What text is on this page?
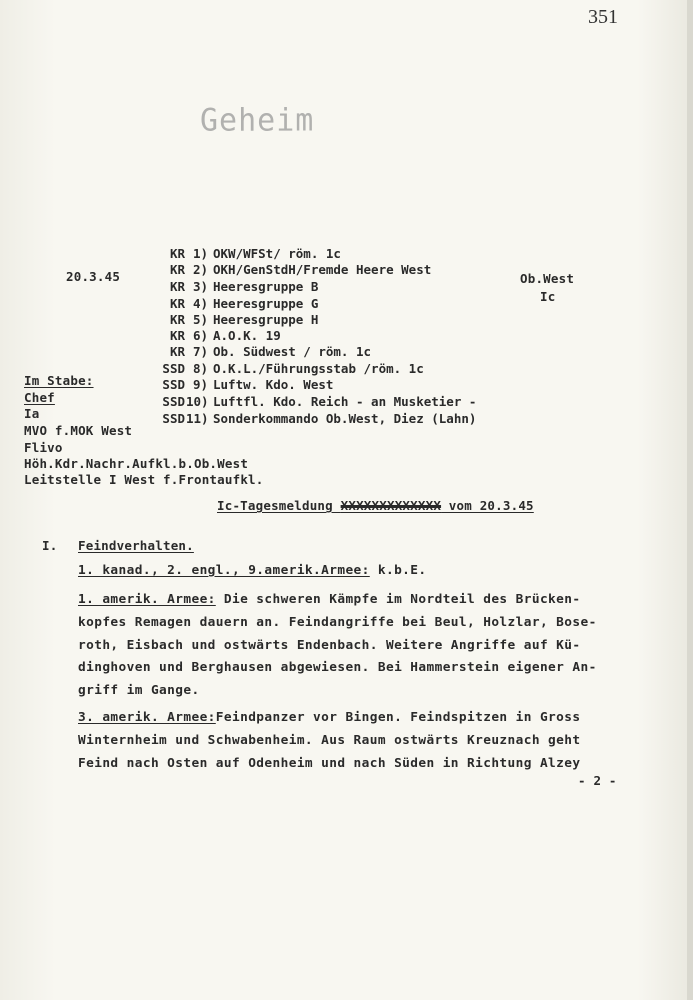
351
Geheim
20.3.45	Ob.West
Ic
KR 1) OKW/WFSt/ röm. 1c
KR 2) OKH/GenStdH/Fremde Heere West
KR 3) Heeresgruppe B
KR 4) Heeresgruppe G
KR 5) Heeresgruppe H
KR 6) A.O.K. 19
KR 7) Ob. Südwest / röm. 1c
SSD 8) O.K.L./Führungsstab /röm. 1c
SSD 9) Luftw. Kdo. West
SSD 10) Luftfl. Kdo. Reich - an Musketier -
SSD 11) Sonderkommando Ob.West, Diez (Lahn)
Im Stabe:
Chef
Ia
MVO f.MOK West
Flivo
Höh.Kdr.Nachr.Aufkl.b.Ob.West
Leitstelle I West f.Frontaufkl.
Ic-Tagesmeldung XXXXXXXXXXXXX vom 20.3.45
I. Feindverhalten.
1. kanad., 2. engl., 9.amerik.Armee: k.b.E.
1. amerik. Armee: Die schweren Kämpfe im Nordteil des Brücken-
kopfes Remagen dauern an. Feindangriffe bei Beul, Holzlar, Bose-
roth, Eisbach und ostwärts Endenbach. Weitere Angriffe auf Kü-
dinghoven und Berghausen abgewiesen. Bei Hammerstein eigener An-
griff im Gange.
3. amerik. Armee:Feindpanzer vor Bingen. Feindspitzen in Gross
Winternheim und Schwabenheim. Aus Raum ostwärts Kreuznach geht
Feind nach Osten auf Odenheim und nach Süden in Richtung Alzey
- 2 -
